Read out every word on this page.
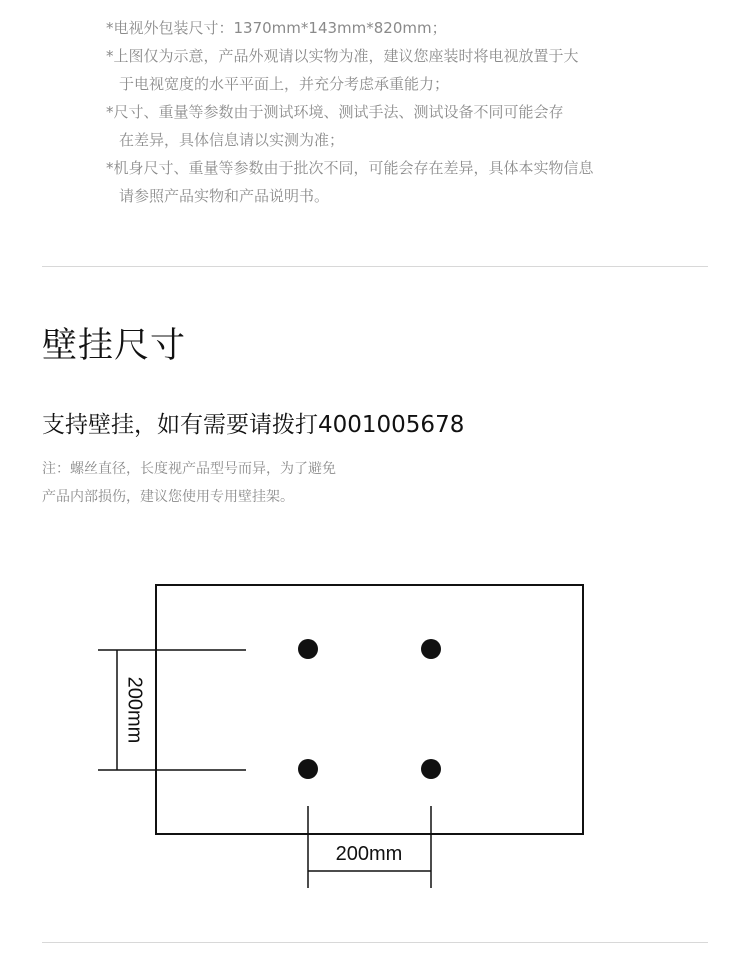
*电视外包装尺寸：1370mm*143mm*820mm；
*上图仅为示意，产品外观请以实物为准，建议您座装时将电视放置于大
于电视宽度的水平平面上，并充分考虑承重能力；
*尺寸、重量等参数由于测试环境、测试手法、测试设备不同可能会存
在差异，具体信息请以实测为准；
*机身尺寸、重量等参数由于批次不同，可能会存在差异，具体本实物信息
请参照产品实物和产品说明书。
壁挂尺寸
支持壁挂，如有需要请拨打4001005678
注：螺丝直径，长度视产品型号而异，为了避免
产品内部损伤，建议您使用专用壁挂架。
200mm
200mm
